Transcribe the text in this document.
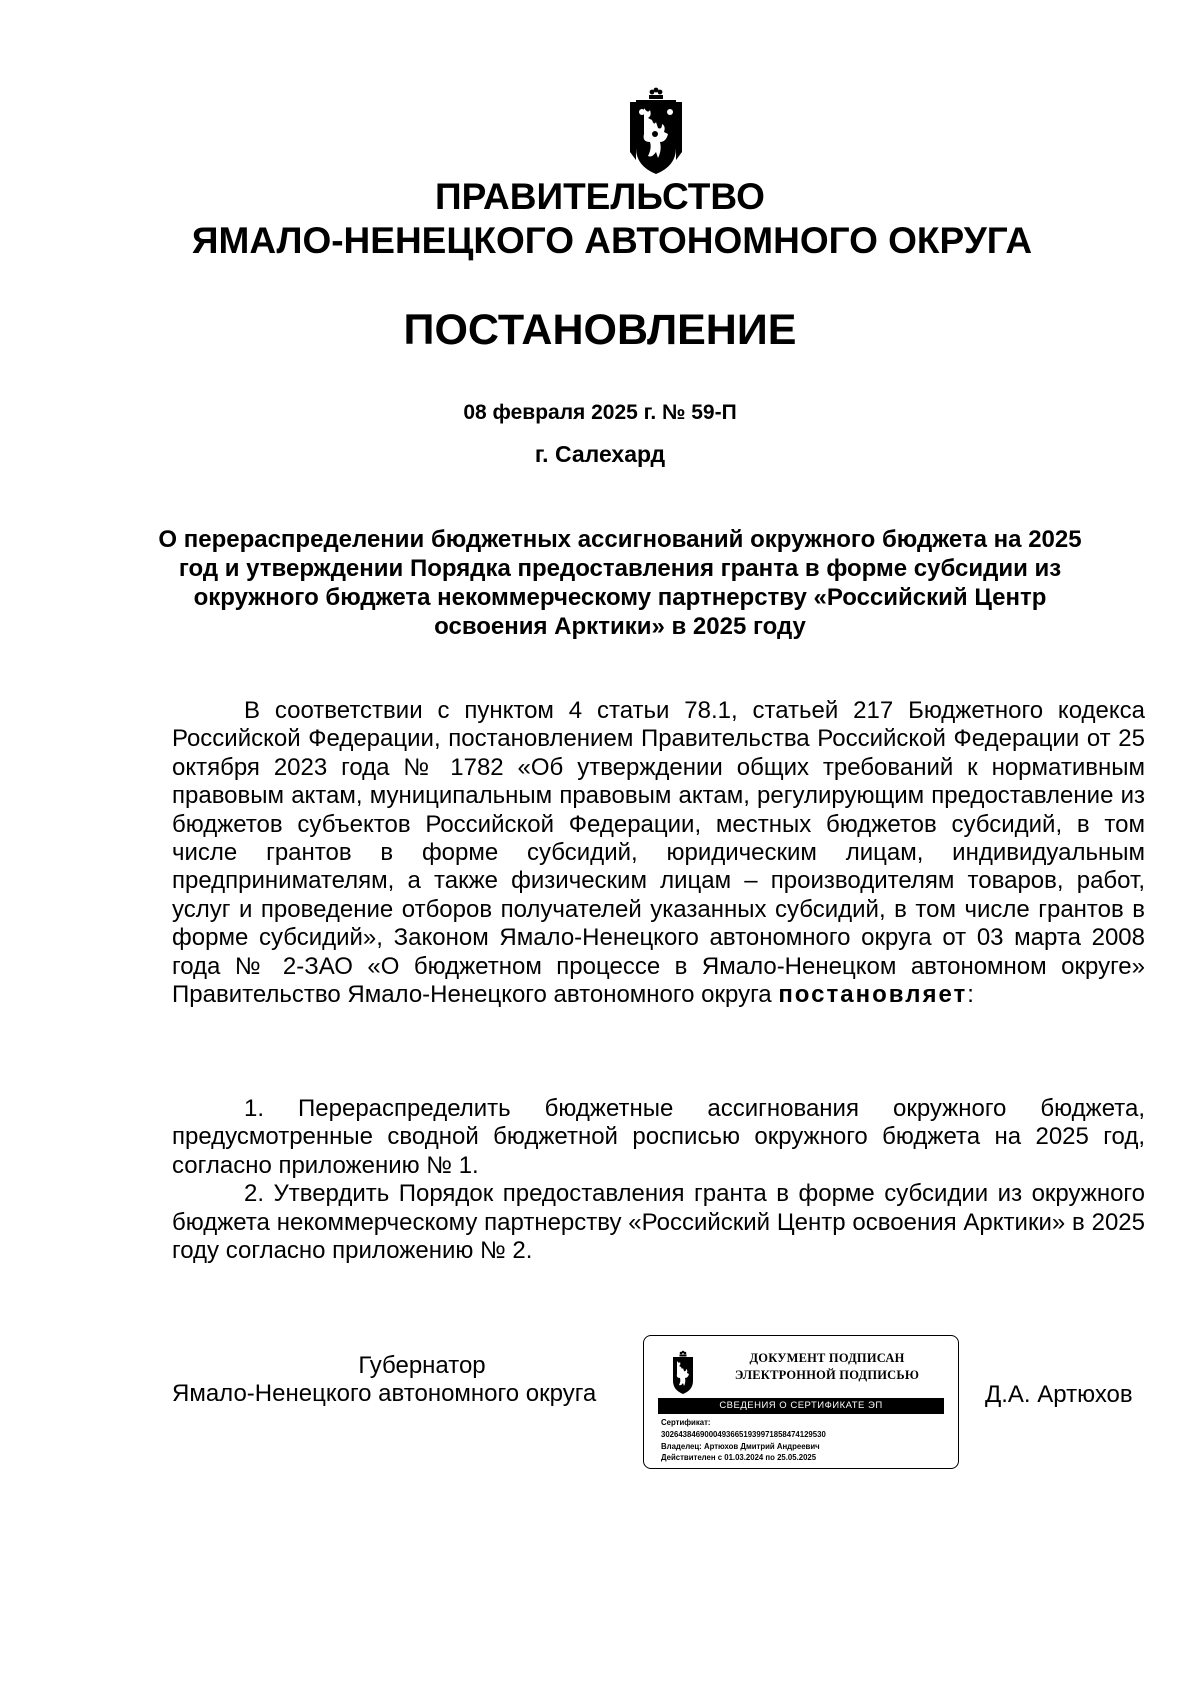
ПРАВИТЕЛЬСТВО
ЯМАЛО-НЕНЕЦКОГО АВТОНОМНОГО ОКРУГА
ПОСТАНОВЛЕНИЕ
08 февраля 2025 г. № 59-П
г. Салехард
О перераспределении бюджетных ассигнований окружного бюджета на 2025 год и утверждении Порядка предоставления гранта в форме субсидии из окружного бюджета некоммерческому партнерству «Российский Центр освоения Арктики» в 2025 году
В соответствии с пунктом 4 статьи 78.1, статьей 217 Бюджетного кодекса Российской Федерации, постановлением Правительства Российской Федерации от 25 октября 2023 года № 1782 «Об утверждении общих требований к нормативным правовым актам, муниципальным правовым актам, регулирующим предоставление из бюджетов субъектов Российской Федерации, местных бюджетов субсидий, в том числе грантов в форме субсидий, юридическим лицам, индивидуальным предпринимателям, а также физическим лицам – производителям товаров, работ, услуг и проведение отборов получателей указанных субсидий, в том числе грантов в форме субсидий», Законом Ямало-Ненецкого автономного округа от 03 марта 2008 года № 2-ЗАО «О бюджетном процессе в Ямало-Ненецком автономном округе» Правительство Ямало-Ненецкого автономного округа постановляет:

1. Перераспределить бюджетные ассигнования окружного бюджета, предусмотренные сводной бюджетной росписью окружного бюджета на 2025 год, согласно приложению № 1.

2. Утвердить Порядок предоставления гранта в форме субсидии из окружного бюджета некоммерческому партнерству «Российский Центр освоения Арктики» в 2025 году согласно приложению № 2.

Губернатор
Ямало-Ненецкого автономного округа
ДОКУМЕНТ ПОДПИСАН
ЭЛЕКТРОННОЙ ПОДПИСЬЮ
СВЕДЕНИЯ О СЕРТИФИКАТЕ ЭП
Сертификат:
30264384690004936651939971858474129530
Владелец: Артюхов Дмитрий Андреевич
Действителен с 01.03.2024 по 25.05.2025
Д.А. Артюхов
